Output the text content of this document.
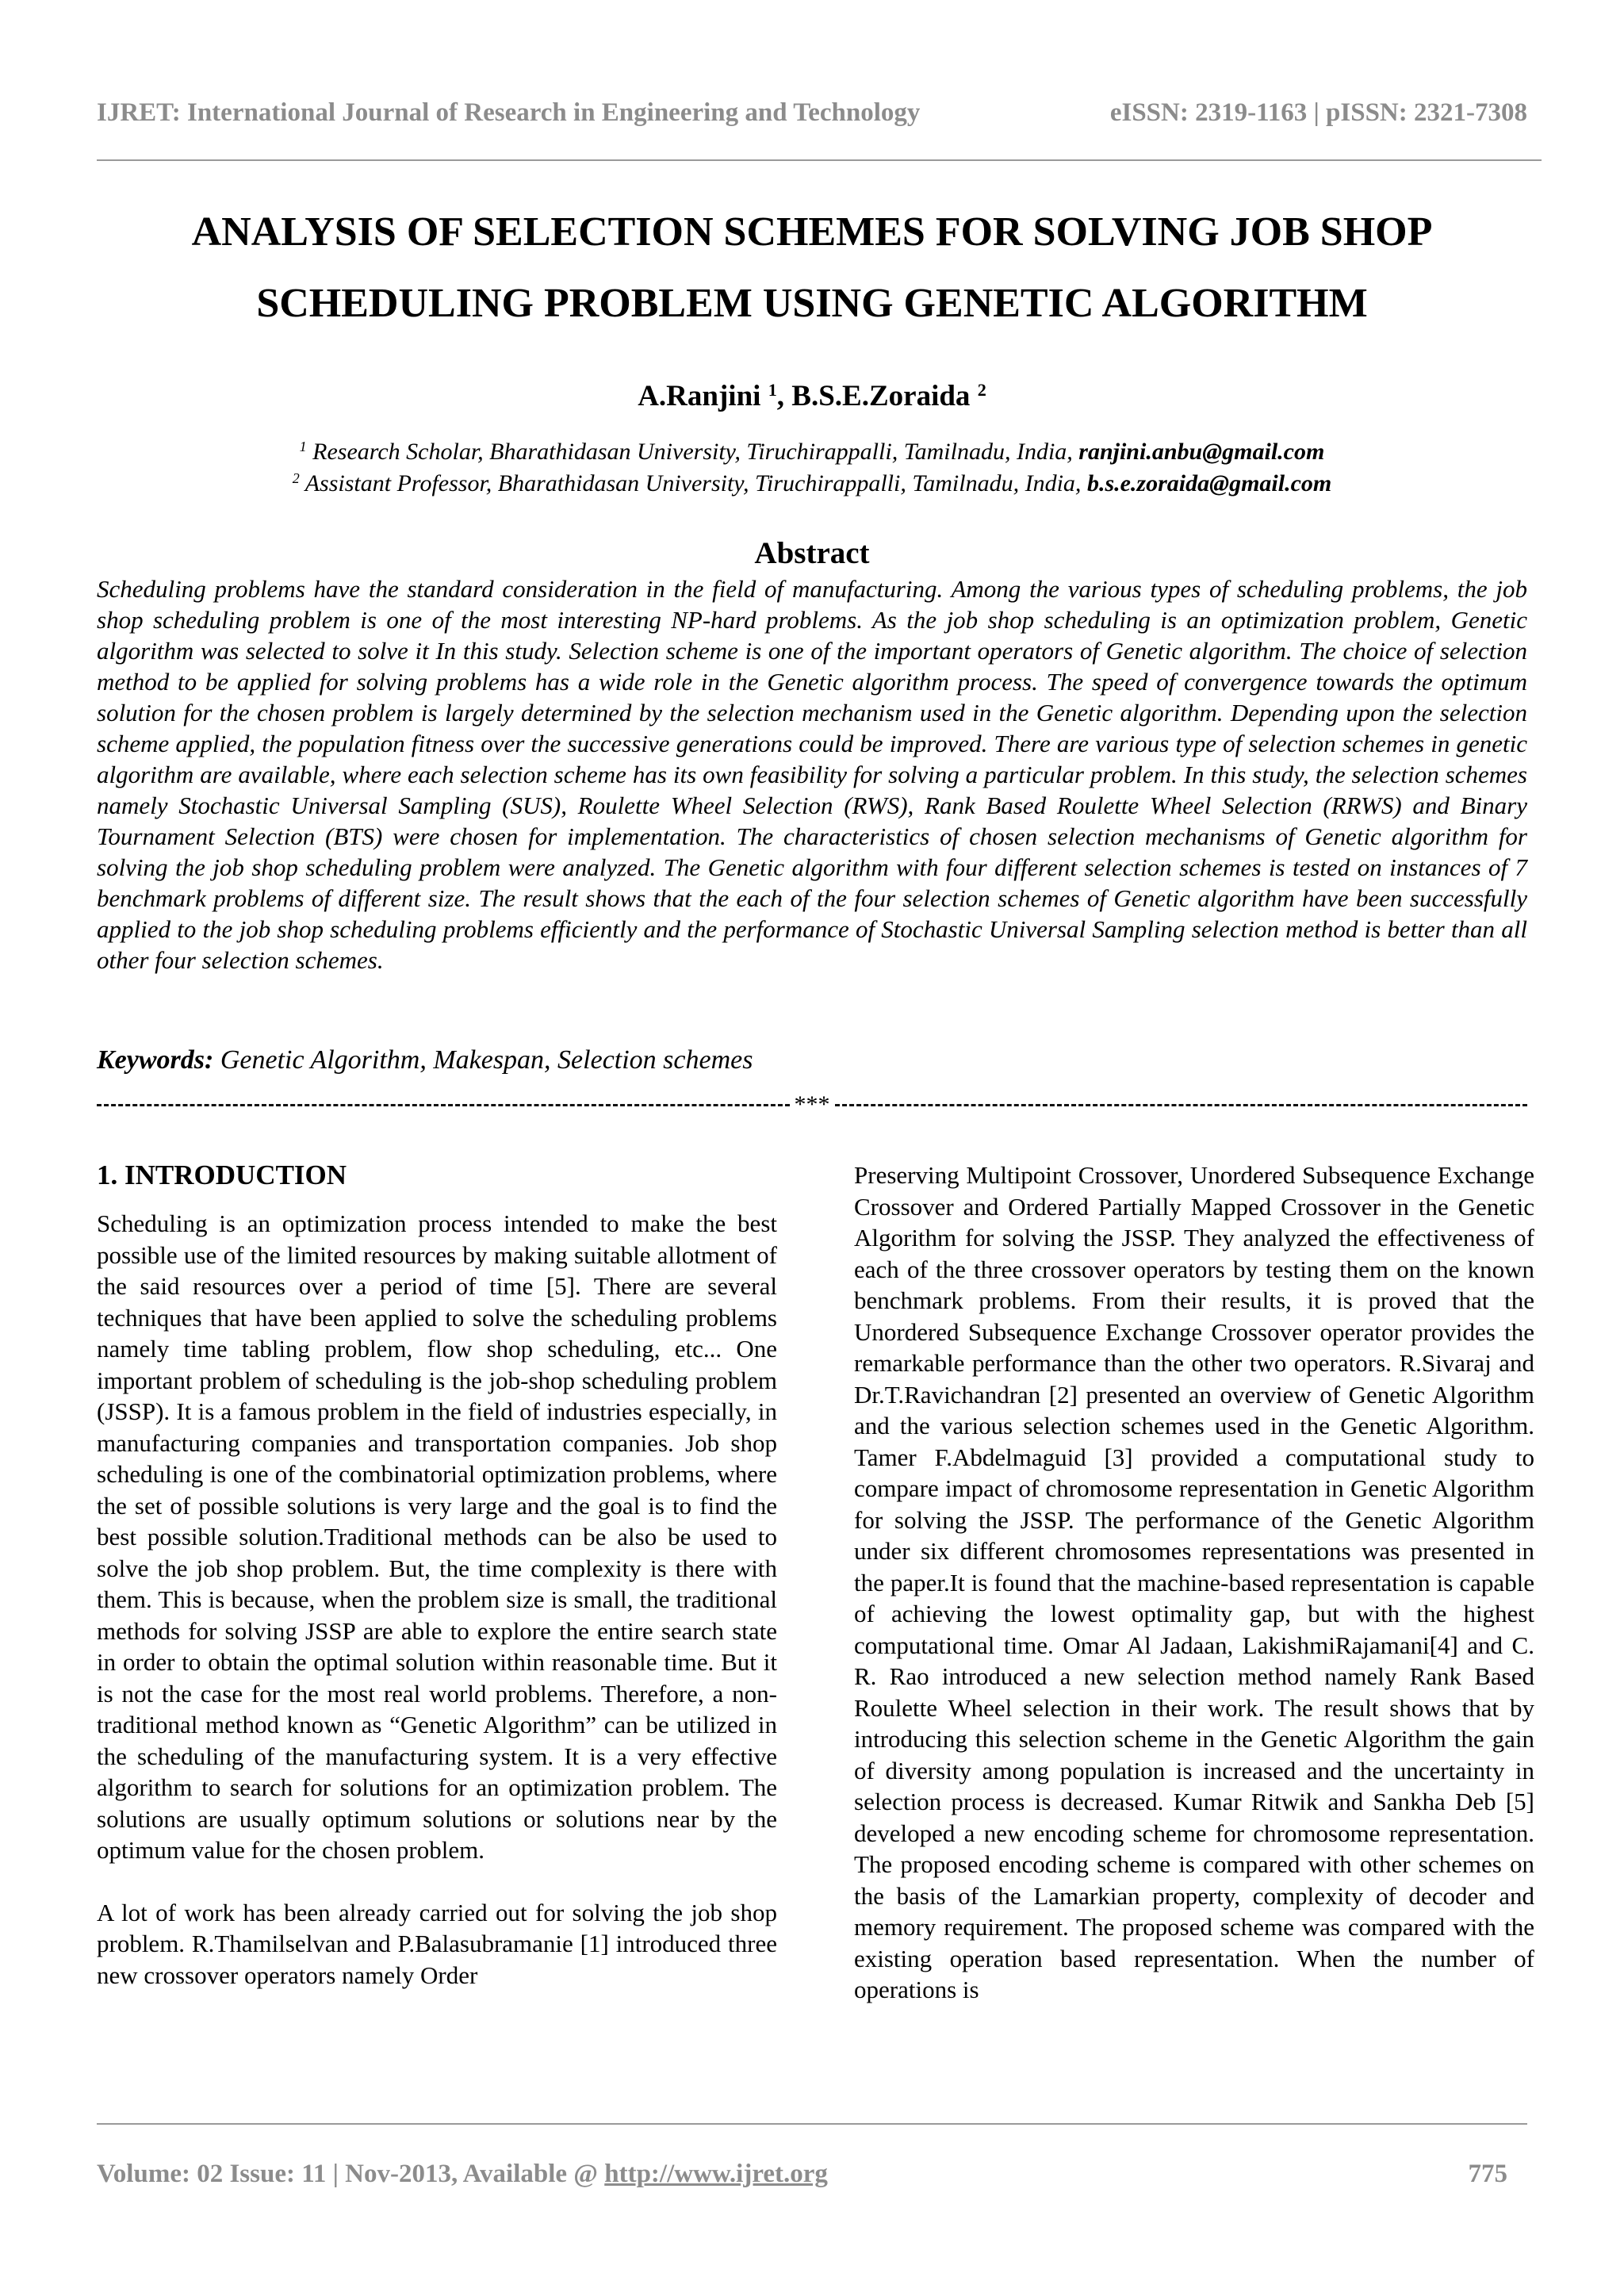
IJRET: International Journal of Research in Engineering and Technology	eISSN: 2319-1163 | pISSN: 2321-7308
ANALYSIS OF SELECTION SCHEMES FOR SOLVING JOB SHOP
SCHEDULING PROBLEM USING GENETIC ALGORITHM
A.Ranjini $^1$, B.S.E.Zoraida $^2$
$^1$ Research Scholar, Bharathidasan University, Tiruchirappalli, Tamilnadu, India, ranjini.anbu@gmail.com
$^2$ Assistant Professor, Bharathidasan University, Tiruchirappalli, Tamilnadu, India, b.s.e.zoraida@gmail.com
Abstract

Scheduling problems have the standard consideration in the field of manufacturing. Among the various types of scheduling problems, the job shop scheduling problem is one of the most interesting NP-hard problems. As the job shop scheduling is an optimization problem, Genetic algorithm was selected to solve it In this study. Selection scheme is one of the important operators of Genetic algorithm. The choice of selection method to be applied for solving problems has a wide role in the Genetic algorithm process. The speed of convergence towards the optimum solution for the chosen problem is largely determined by the selection mechanism used in the Genetic algorithm. Depending upon the selection scheme applied, the population fitness over the successive generations could be improved. There are various type of selection schemes in genetic algorithm are available, where each selection scheme has its own feasibility for solving a particular problem. In this study, the selection schemes namely Stochastic Universal Sampling (SUS), Roulette Wheel Selection (RWS), Rank Based Roulette Wheel Selection (RRWS) and Binary Tournament Selection (BTS) were chosen for implementation. The characteristics of chosen selection mechanisms of Genetic algorithm for solving the job shop scheduling problem were analyzed. The Genetic algorithm with four different selection schemes is tested on instances of 7 benchmark problems of different size. The result shows that the each of the four selection schemes of Genetic algorithm have been successfully applied to the job shop scheduling problems efficiently and the performance of Stochastic Universal Sampling selection method is better than all other four selection schemes.

Keywords: Genetic Algorithm, Makespan, Selection schemes
***
1. INTRODUCTION

Scheduling is an optimization process intended to make the best possible use of the limited resources by making suitable allotment of the said resources over a period of time [5]. There are several techniques that have been applied to solve the scheduling problems namely time tabling problem, flow shop scheduling, etc... One important problem of scheduling is the job-shop scheduling problem (JSSP). It is a famous problem in the field of industries especially, in manufacturing companies and transportation companies. Job shop scheduling is one of the combinatorial optimization problems, where the set of possible solutions is very large and the goal is to find the best possible solution.Traditional methods can be also be used to solve the job shop problem. But, the time complexity is there with them. This is because, when the problem size is small, the traditional methods for solving JSSP are able to explore the entire search state in order to obtain the optimal solution within reasonable time. But it is not the case for the most real world problems. Therefore, a non-traditional method known as “Genetic Algorithm” can be utilized in the scheduling of the manufacturing system. It is a very effective algorithm to search for solutions for an optimization problem. The solutions are usually optimum solutions or solutions near by the optimum value for the chosen problem.

A lot of work has been already carried out for solving the job shop problem. R.Thamilselvan and P.Balasubramanie [1] introduced three new crossover operators namely Order

Preserving Multipoint Crossover, Unordered Subsequence Exchange Crossover and Ordered Partially Mapped Crossover in the Genetic Algorithm for solving the JSSP. They analyzed the effectiveness of each of the three crossover operators by testing them on the known benchmark problems. From their results, it is proved that the Unordered Subsequence Exchange Crossover operator provides the remarkable performance than the other two operators. R.Sivaraj and Dr.T.Ravichandran [2] presented an overview of Genetic Algorithm and the various selection schemes used in the Genetic Algorithm. Tamer F.Abdelmaguid [3] provided a computational study to compare impact of chromosome representation in Genetic Algorithm for solving the JSSP. The performance of the Genetic Algorithm under six different chromosomes representations was presented in the paper.It is found that the machine-based representation is capable of achieving the lowest optimality gap, but with the highest computational time. Omar Al Jadaan, LakishmiRajamani[4] and C. R. Rao introduced a new selection method namely Rank Based Roulette Wheel selection in their work. The result shows that by introducing this selection scheme in the Genetic Algorithm the gain of diversity among population is increased and the uncertainty in selection process is decreased. Kumar Ritwik and Sankha Deb [5] developed a new encoding scheme for chromosome representation. The proposed encoding scheme is compared with other schemes on the basis of the Lamarkian property, complexity of decoder and memory requirement. The proposed scheme was compared with the existing operation based representation. When the number of operations is

Volume: 02 Issue: 11 | Nov-2013, Available @ http://www.ijret.org	775
